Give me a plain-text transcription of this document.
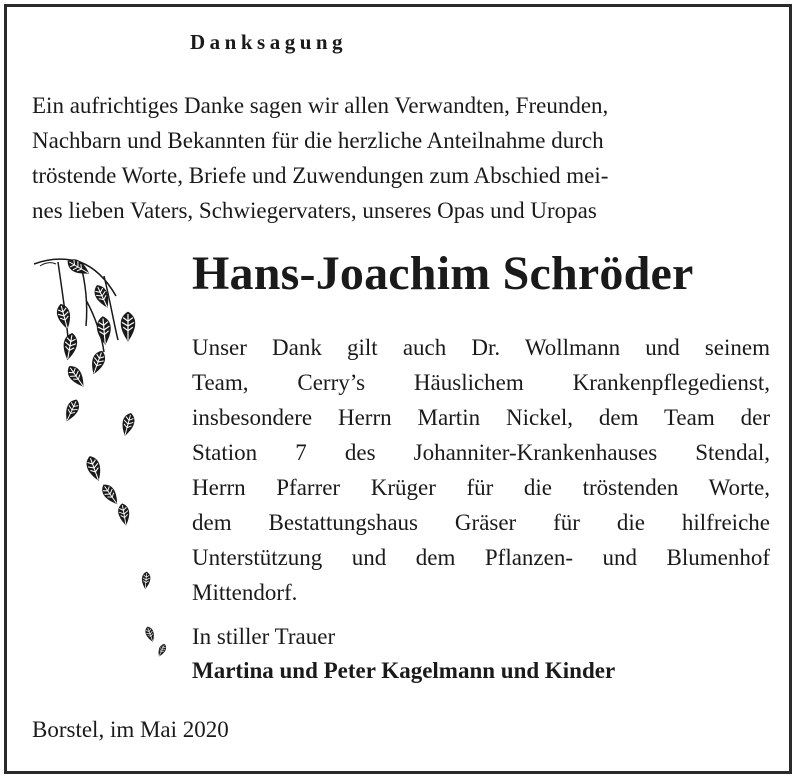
Danksagung
Ein aufrichtiges Danke sagen wir allen Verwandten, Freunden,
Nachbarn und Bekannten für die herzliche Anteilnahme durch
tröstende Worte, Briefe und Zuwendungen zum Abschied mei-
nes lieben Vaters, Schwiegervaters, unseres Opas und Uropas
Hans-Joachim Schröder
Unser Dank gilt auch Dr. Wollmann und seinem
Team, Cerry’s Häuslichem Krankenpflegedienst,
insbesondere Herrn Martin Nickel, dem Team der
Station 7 des Johanniter-Krankenhauses Stendal,
Herrn Pfarrer Krüger für die tröstenden Worte,
dem Bestattungshaus Gräser für die hilfreiche
Unterstützung und dem Pflanzen- und Blumenhof
Mittendorf.
In stiller Trauer
Martina und Peter Kagelmann und Kinder
Borstel, im Mai 2020
